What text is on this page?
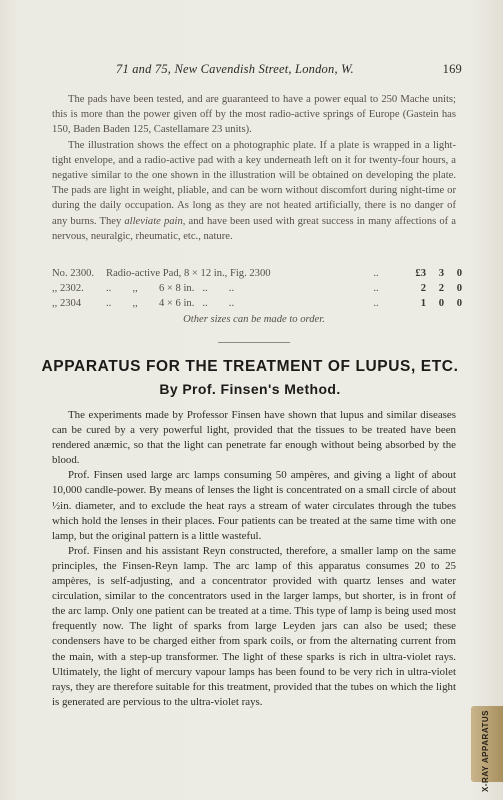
71 and 75, New Cavendish Street, London, W.	169

The pads have been tested, and are guaranteed to have a power equal to 250 Mache units; this is more than the power given off by the most radio-active springs of Europe (Gastein has 150, Baden Baden 125, Castellamare 23 units).

The illustration shows the effect on a photographic plate. If a plate is wrapped in a light-tight envelope, and a radio-active pad with a key underneath left on it for twenty-four hours, a negative similar to the one shown in the illustration will be obtained on developing the plate. The pads are light in weight, pliable, and can be worn without discomfort during night-time or during the daily occupation. As long as they are not heated artificially, there is no danger of any burns. They alleviate pain, and have been used with great success in many affections of a nervous, neuralgic, rheumatic, etc., nature.

No. 2300.	Radio-active Pad, 8 × 12 in., Fig. 2300	..	£3	3	0
,, 2302.	..        ,,        6 × 8 in.   ..        ..	..	2	2	0
,, 2304	..        ,,        4 × 6 in.   ..        ..	..	1	0	0
Other sizes can be made to order.
APPARATUS FOR THE TREATMENT OF LUPUS, ETC.
By Prof. Finsen's Method.

The experiments made by Professor Finsen have shown that lupus and similar diseases can be cured by a very powerful light, provided that the tissues to be treated have been rendered anæmic, so that the light can penetrate far enough without being absorbed by the blood.

Prof. Finsen used large arc lamps consuming 50 ampères, and giving a light of about 10,000 candle-power. By means of lenses the light is concentrated on a small circle of about ½in. diameter, and to exclude the heat rays a stream of water circulates through the tubes which hold the lenses in their places. Four patients can be treated at the same time with one lamp, but the original pattern is a little wasteful.

Prof. Finsen and his assistant Reyn constructed, therefore, a smaller lamp on the same principles, the Finsen-Reyn lamp. The arc lamp of this apparatus consumes 20 to 25 ampères, is self-adjusting, and a concentrator provided with quartz lenses and water circulation, similar to the concentrators used in the larger lamps, but shorter, is in front of the arc lamp. Only one patient can be treated at a time. This type of lamp is being used most frequently now. The light of sparks from large Leyden jars can also be used; these condensers have to be charged either from spark coils, or from the alternating current from the main, with a step-up transformer. The light of these sparks is rich in ultra-violet rays. Ultimately, the light of mercury vapour lamps has been found to be very rich in ultra-violet rays, they are therefore suitable for this treatment, provided that the tubes on which the light is generated are pervious to the ultra-violet rays.

X-RAY APPARATUS
